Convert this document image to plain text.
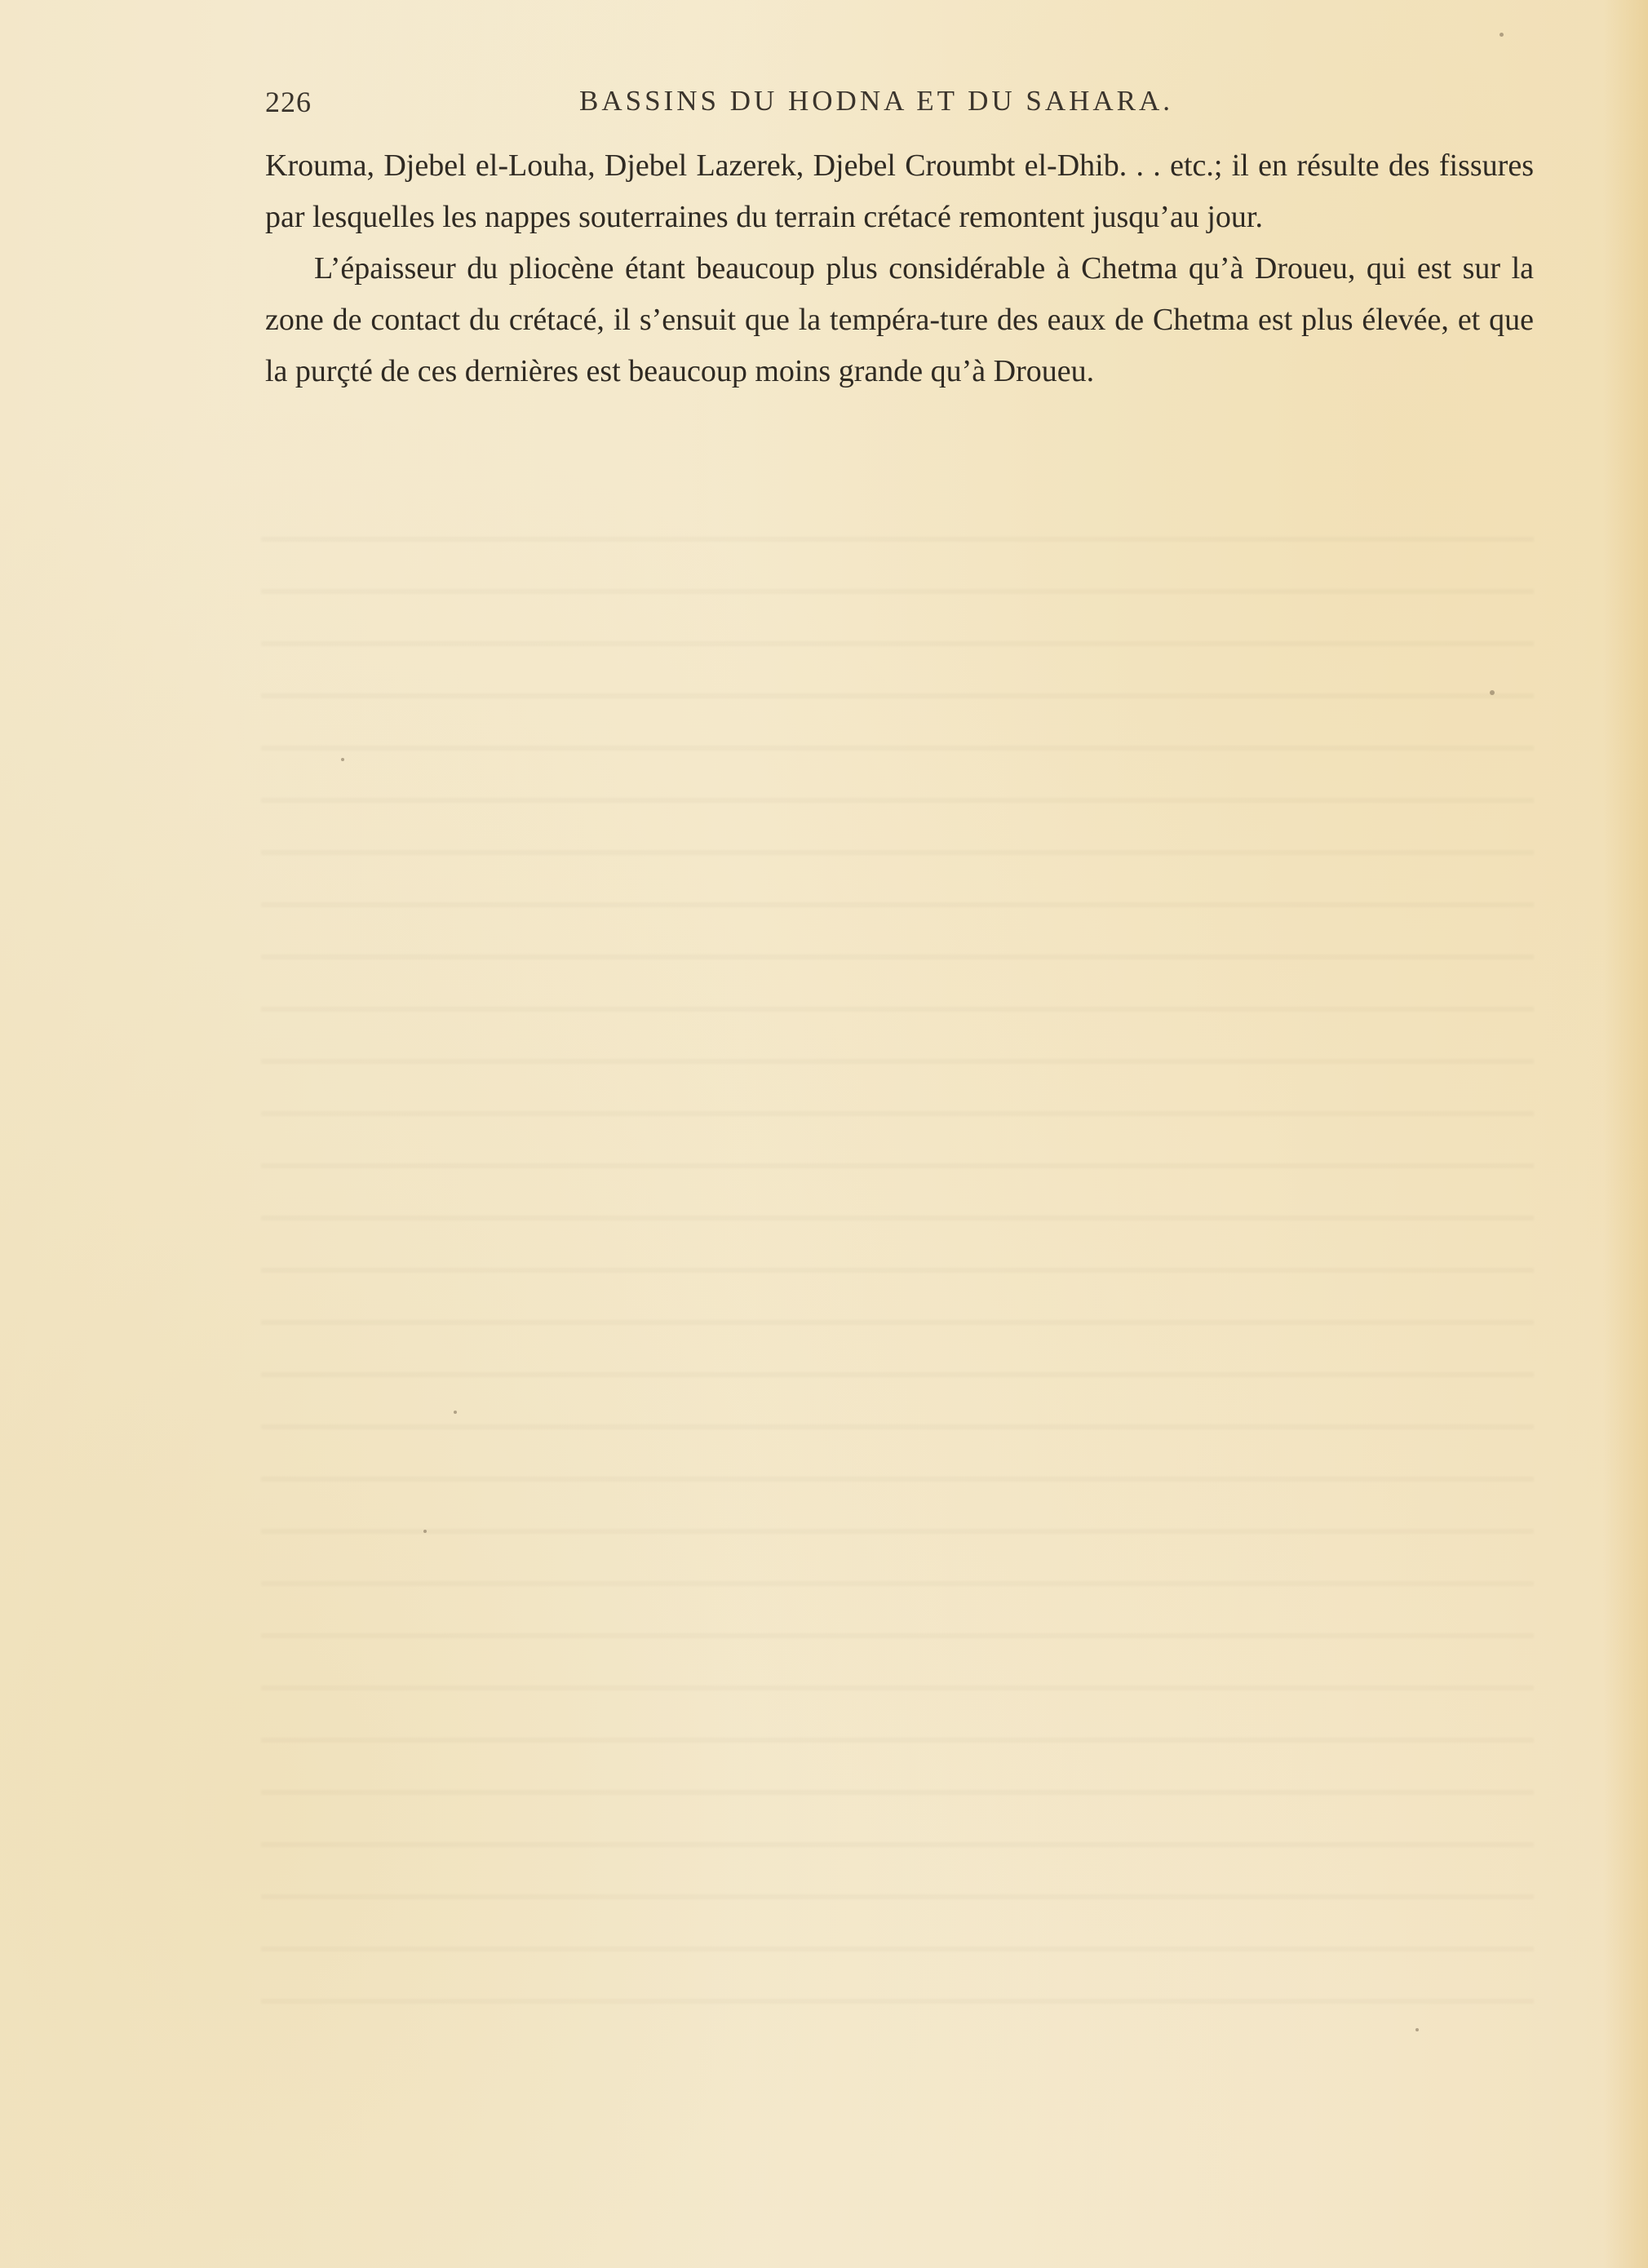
226	BASSINS DU HODNA ET DU SAHARA.

Krouma, Djebel el-Louha, Djebel Lazerek, Djebel Croumbt el-Dhib. . . etc.; il en résulte des fissures par lesquelles les nappes souterraines du terrain crétacé remontent jusqu’au jour.

L’épaisseur du pliocène étant beaucoup plus considérable à Chetma qu’à Droueu, qui est sur la zone de contact du crétacé, il s’ensuit que la tempéra-ture des eaux de Chetma est plus élevée, et que la purçté de ces dernières est beaucoup moins grande qu’à Droueu.
